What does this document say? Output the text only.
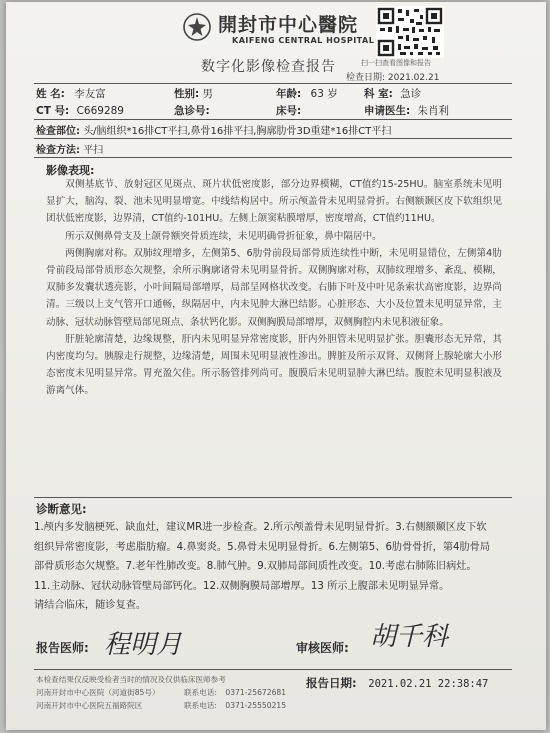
開封市中心醫院
KAIFENG CENTRAL HOSPITAL
扫一扫查看图像和报告
数字化影像检查报告
检查日期: 2021.02.21
姓 名: 李友富	性别: 男	年龄: 63 岁	科 室: 急诊
CT 号: C669289	急诊号:	床号:	申请医生: 朱肖利
检查部位: 头/脑组织*16排CT平扫,鼻骨16排平扫,胸廓肋骨3D重建*16排CT平扫
检查方法: 平扫
影像表现:

双侧基底节、放射冠区见斑点、斑片状低密度影，部分边界模糊，CT值约15-25HU。脑室系统未见明显扩大，脑沟、裂、池未见明显增宽。中线结构居中。所示颅盖骨未见明显骨折。右侧额颞区皮下软组织见团状低密度影，边界清，CT值约-101HU。左侧上颌窦粘膜增厚，密度增高，CT值约11HU。

所示双侧鼻骨支及上颌骨额突骨质连续，未见明确骨折征象，鼻中隔居中。

两侧胸廓对称。双肺纹理增多，左侧第5、6肋骨前段局部骨质连续性中断，未见明显错位，左侧第4肋骨前段局部骨质形态欠规整，余所示胸廓诸骨未见明显骨折。双侧胸廓对称，双肺纹理增多、紊乱、模糊，双肺多发囊状透亮影，小叶间隔局部增厚，局部呈网格状改变。右肺下叶及中叶见条索状高密度影，边界尚清。三级以上支气管开口通畅，纵隔居中，内未见肿大淋巴结影。心脏形态、大小及位置未见明显异常，主动脉、冠状动脉管壁局部见斑点、条状钙化影。双侧胸膜局部增厚，双侧胸腔内未见积液征象。

肝脏轮廓清楚，边缘规整，肝内未见明显异常密度影，肝内外胆管未见明显扩张。胆囊形态无异常，其内密度均匀。胰腺走行规整，边缘清楚，周围未见明显液性渗出。脾脏及所示双肾、双侧肾上腺轮廓大小形态密度未见明显异常。胃充盈欠佳。所示肠管排列尚可。腹膜后未见明显肿大淋巴结。腹腔未见明显积液及游离气体。

诊断意见:

1.颅内多发脑梗死、缺血灶，建议MR进一步检查。2.所示颅盖骨未见明显骨折。3.右侧额颞区皮下软组织异常密度影，考虑脂肪瘤。4.鼻窦炎。5.鼻骨未见明显骨折。6.左侧第5、6肋骨骨折，第4肋骨局部骨质形态欠规整。7.老年性肺改变。8.肺气肿。9.双肺局部间质性改变。10.考虑右肺陈旧病灶。11.主动脉、冠状动脉管壁局部钙化。12.双侧胸膜局部增厚。13 所示上腹部未见明显异常。

请结合临床，随诊复查。

报告医师: 程明月	审核医师: 胡千科
本检查结果仅反映受检者当时的情况及仅供临床医师参考
河南开封市中心医院（河道街85号）	联系电话: 0371-25672681
河南开封市中心医院五福路院区	联系电话: 0371-25550215
报告日期: 2021.02.21 22:38:47
